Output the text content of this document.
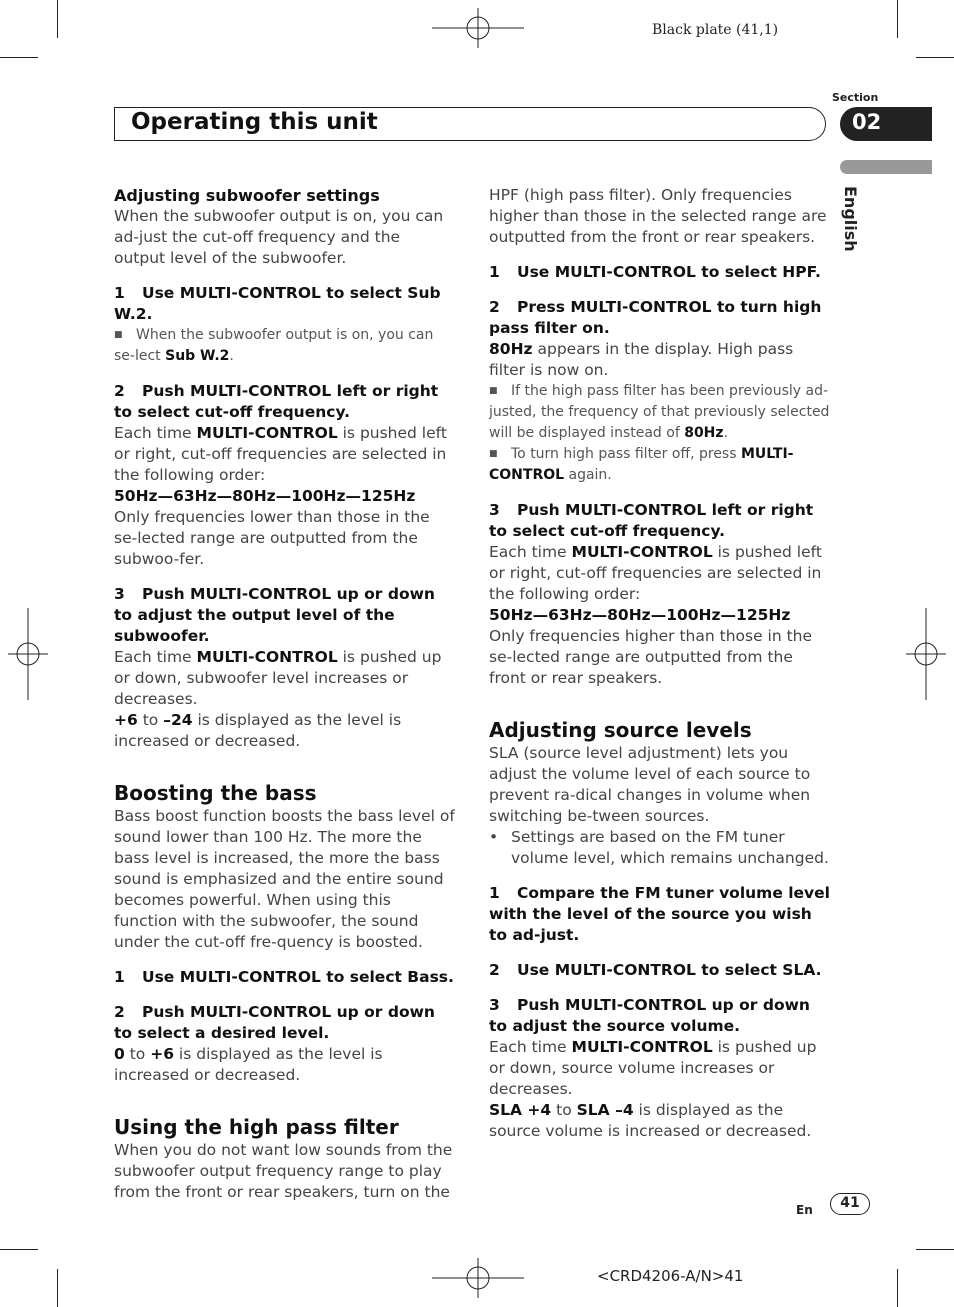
Black plate (41,1)
Section
Operating this unit	02
English

Adjusting subwoofer settings

When the subwoofer output is on, you can ad-just the cut-off frequency and the output level of the subwoofer.

1 Use MULTI-CONTROL to select Sub W.2.

■ When the subwoofer output is on, you can se-lect Sub W.2.

2 Push MULTI-CONTROL left or right to select cut-off frequency.

Each time MULTI-CONTROL is pushed left or right, cut-off frequencies are selected in the following order:

50Hz—63Hz—80Hz—100Hz—125Hz

Only frequencies lower than those in the se-lected range are outputted from the subwoo-fer.

3 Push MULTI-CONTROL up or down to adjust the output level of the subwoofer.

Each time MULTI-CONTROL is pushed up or down, subwoofer level increases or decreases.

+6 to –24 is displayed as the level is increased or decreased.

Boosting the bass

Bass boost function boosts the bass level of sound lower than 100 Hz. The more the bass level is increased, the more the bass sound is emphasized and the entire sound becomes powerful. When using this function with the subwoofer, the sound under the cut-off fre-quency is boosted.

1 Use MULTI-CONTROL to select Bass.

2 Push MULTI-CONTROL up or down to select a desired level.

0 to +6 is displayed as the level is increased or decreased.

Using the high pass filter

When you do not want low sounds from the subwoofer output frequency range to play from the front or rear speakers, turn on the

HPF (high pass filter). Only frequencies higher than those in the selected range are outputted from the front or rear speakers.

1 Use MULTI-CONTROL to select HPF.

2 Press MULTI-CONTROL to turn high pass filter on.

80Hz appears in the display. High pass filter is now on.

■ If the high pass filter has been previously ad-justed, the frequency of that previously selected will be displayed instead of 80Hz.

■ To turn high pass filter off, press MULTI-CONTROL again.

3 Push MULTI-CONTROL left or right to select cut-off frequency.

Each time MULTI-CONTROL is pushed left or right, cut-off frequencies are selected in the following order:

50Hz—63Hz—80Hz—100Hz—125Hz

Only frequencies higher than those in the se-lected range are outputted from the front or rear speakers.

Adjusting source levels

SLA (source level adjustment) lets you adjust the volume level of each source to prevent ra-dical changes in volume when switching be-tween sources.

• Settings are based on the FM tuner volume level, which remains unchanged.

1 Compare the FM tuner volume level with the level of the source you wish to ad-just.

2 Use MULTI-CONTROL to select SLA.

3 Push MULTI-CONTROL up or down to adjust the source volume.

Each time MULTI-CONTROL is pushed up or down, source volume increases or decreases.

SLA +4 to SLA –4 is displayed as the source volume is increased or decreased.

En	41
<CRD4206-A/N>41
